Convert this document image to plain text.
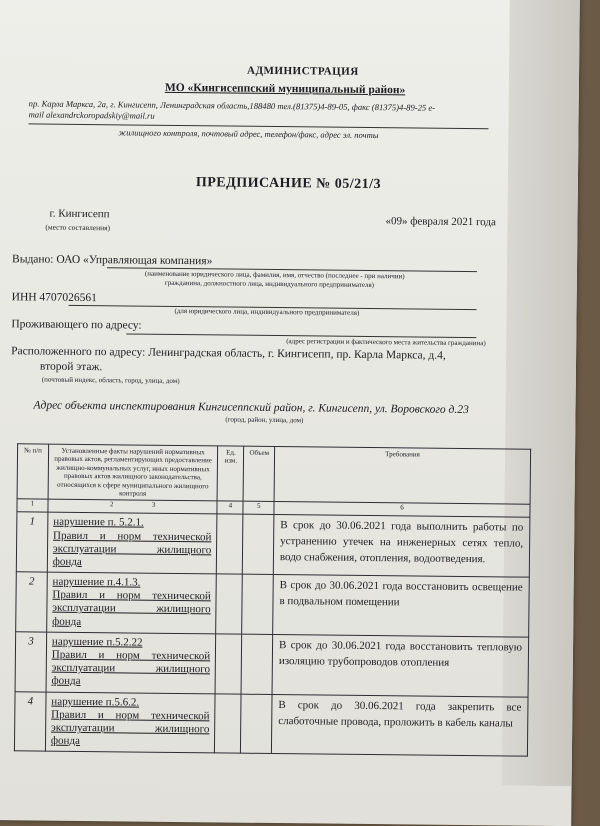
АДМИНИСТРАЦИЯ
МО «Кингисеппский муниципальный район»
пр. Карла Маркса, 2а, г. Кингисепп, Ленинградская область,188480 тел.(81375)4-89-05, факс (81375)4-89-25 е-
mail alexandrckoropadskiy@mail.ru
жилищного контроля, почтовый адрес, телефон/факс, адрес эл. почты
ПРЕДПИСАНИЕ № 05/21/3
г. Кингисепп
(место составления)	«09» февраля 2021 года
Выдано: ОАО «Управляющая компания»
(наименование юридического лица, фамилия, имя, отчество (последнее - при наличии)
гражданина, должностного лица, индивидуального предпринимателя)
ИНН 4707026561
(для юридического лица, индивидуального предпринимателя)
Проживающего по адресу:
(адрес регистрации и фактического места жительства гражданина)
Расположенного по адресу: Ленинградская область, г. Кингисепп, пр. Карла Маркса, д.4,
второй этаж.
(почтовый индекс, область, город, улица, дом)
Адрес объекта инспектирования Кингисеппский район, г. Кингисепп, ул. Воровского д.23
(город, район, улица, дом)
№ п/п	Установленные факты нарушений нормативных правовых актов, регламентирующих предоставление жилищно-коммунальных услуг, иных нормативных правовых актов жилищного законодательства, относящихся к сфере муниципального жилищного контроля	Ед. изм.	Объем	Требования
1	2 3	4	5	6
1	нарушение п. 5.2.1.
Правил и норм технической эксплуатации жилищного
фонда			В срок до 30.06.2021 года выполнить работы по устранению утечек на инженерных сетях тепло, водо снабжения, отопления, водоотведения.
2	нарушение п.4.1.3.
Правил и норм технической эксплуатации жилищного
фонда			В срок до 30.06.2021 года восстановить освещение в подвальном помещении
3	нарушение п.5.2.22
Правил и норм технической эксплуатации жилищного
фонда			В срок до 30.06.2021 года восстановить тепловую изоляцию трубопроводов отопления
4	нарушение п.5.6.2.
Правил и норм технической эксплуатации жилищного
фонда			В срок до 30.06.2021 года закрепить все слаботочные провода, проложить в кабель каналы
